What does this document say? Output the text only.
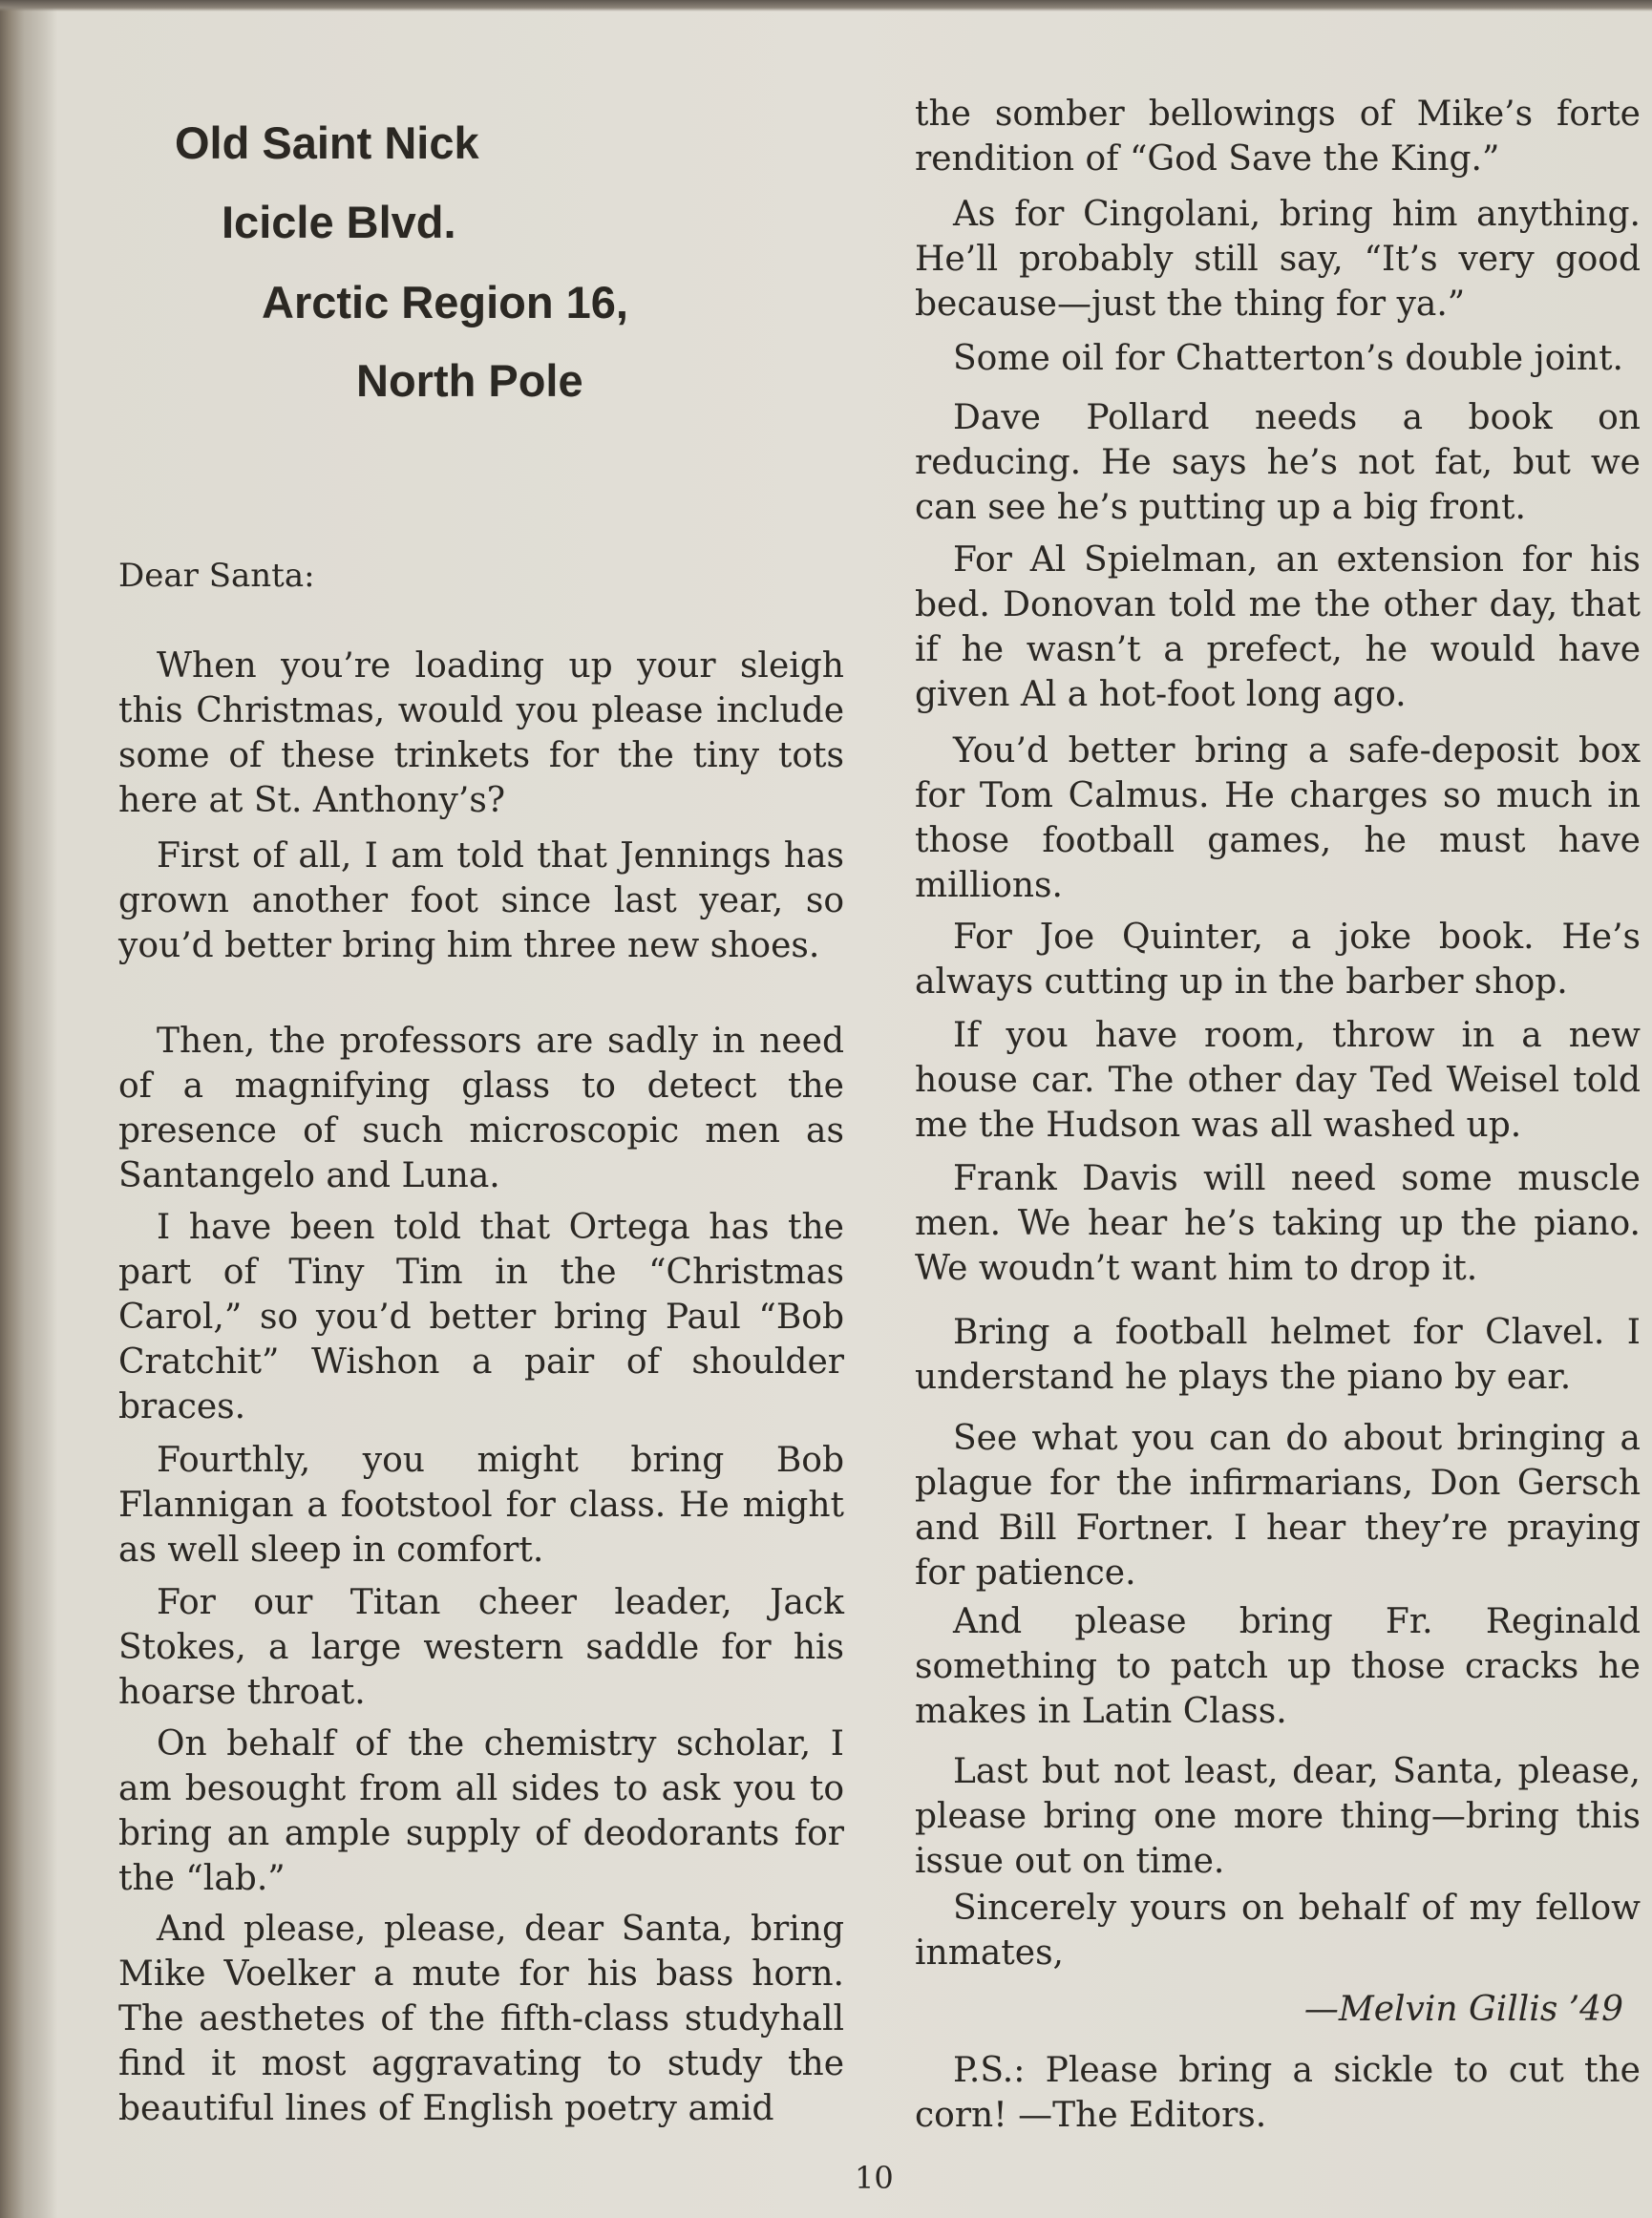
Old Saint Nick
Icicle Blvd.
Arctic Region 16,
North Pole
Dear Santa:

When you’re loading up your sleigh this Christmas, would you please include some of these trinkets for the tiny tots here at St. Anthony’s?

First of all, I am told that Jennings has grown another foot since last year, so you’d better bring him three new shoes.

Then, the professors are sadly in need of a magnifying glass to detect the presence of such microscopic men as Santangelo and Luna.

I have been told that Ortega has the part of Tiny Tim in the “Christmas Carol,” so you’d better bring Paul “Bob Cratchit” Wishon a pair of shoulder braces.

Fourthly, you might bring Bob Flannigan a footstool for class. He might as well sleep in comfort.

For our Titan cheer leader, Jack Stokes, a large western saddle for his hoarse throat.

On behalf of the chemistry scholar, I am besought from all sides to ask you to bring an ample supply of deodorants for the “lab.”

And please, please, dear Santa, bring Mike Voelker a mute for his bass horn. The aesthetes of the fifth-class studyhall find it most aggravating to study the beautiful lines of English poetry amid

the somber bellowings of Mike’s forte rendition of “God Save the King.”

As for Cingolani, bring him anything. He’ll probably still say, “It’s very good because—just the thing for ya.”

Some oil for Chatterton’s double joint.

Dave Pollard needs a book on reducing. He says he’s not fat, but we can see he’s putting up a big front.

For Al Spielman, an extension for his bed. Donovan told me the other day, that if he wasn’t a prefect, he would have given Al a hot-foot long ago.

You’d better bring a safe-deposit box for Tom Calmus. He charges so much in those football games, he must have millions.

For Joe Quinter, a joke book. He’s always cutting up in the barber shop.

If you have room, throw in a new house car. The other day Ted Weisel told me the Hudson was all washed up.

Frank Davis will need some muscle men. We hear he’s taking up the piano. We woudn’t want him to drop it.

Bring a football helmet for Clavel. I understand he plays the piano by ear.

See what you can do about bringing a plague for the infirmarians, Don Gersch and Bill Fortner. I hear they’re praying for patience.

And please bring Fr. Reginald something to patch up those cracks he makes in Latin Class.

Last but not least, dear, Santa, please, please bring one more thing—bring this issue out on time.

Sincerely yours on behalf of my fellow inmates,

—Melvin Gillis ’49

P.S.: Please bring a sickle to cut the corn! —The Editors.

10
